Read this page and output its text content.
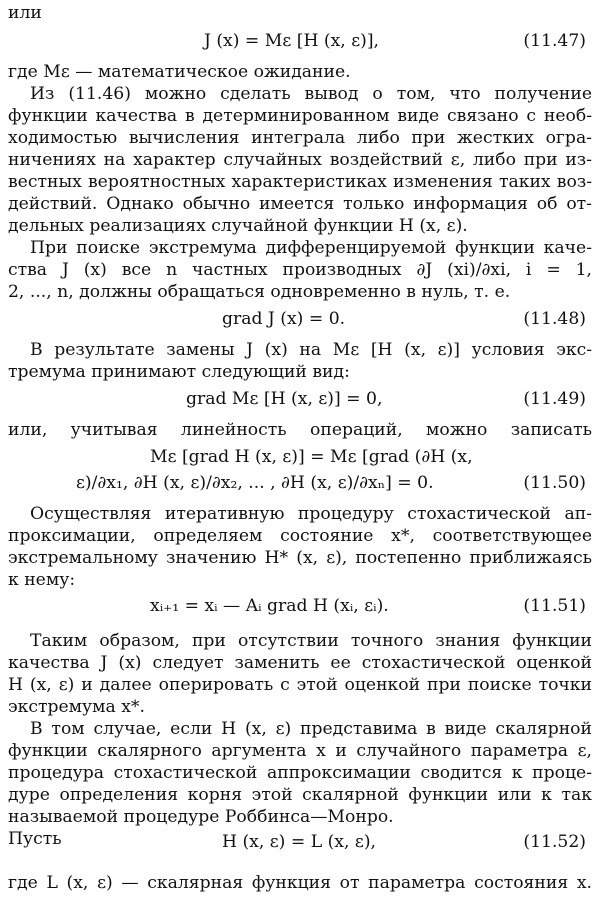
или
J (x) = Mε [H (x, ε)],	(11.47)
где Mε — математическое ожидание.
Из (11.46) можно сделать вывод о том, что получение
функции качества в детерминированном виде связано с необ-
ходимостью вычисления интеграла либо при жестких огра-
ничениях на характер случайных воздействий ε, либо при из-
вестных вероятностных характеристиках изменения таких воз-
действий. Однако обычно имеется только информация об от-
дельных реализациях случайной функции H (x, ε).
При поиске экстремума дифференцируемой функции каче-
ства J (x) все n частных производных ∂J (xi)/∂xi, i = 1,
2, ..., n, должны обращаться одновременно в нуль, т. е.
grad J (x) = 0.	(11.48)
В результате замены J (x) на Mε [H (x, ε)] условия экс-
тремума принимают следующий вид:
grad Mε [H (x, ε)] = 0,	(11.49)
или, учитывая линейность операций, можно записать
Mε [grad H (x, ε)] = Mε [grad (∂H (x,
ε)/∂x₁, ∂H (x, ε)/∂x₂, ... , ∂H (x, ε)/∂xₙ] = 0.	(11.50)
Осуществляя итеративную процедуру стохастической ап-
проксимации, определяем состояние x*, соответствующее
экстремальному значению H* (x, ε), постепенно приближаясь
к нему:
xᵢ₊₁ = xᵢ — Aᵢ grad H (xᵢ, εᵢ).	(11.51)
Таким образом, при отсутствии точного знания функции
качества J (x) следует заменить ее стохастической оценкой
H (x, ε) и далее оперировать с этой оценкой при поиске точки
экстремума x*.
В том случае, если H (x, ε) представима в виде скалярной
функции скалярного аргумента x и случайного параметра ε,
процедура стохастической аппроксимации сводится к проце-
дуре определения корня этой скалярной функции или к так
называемой процедуре Роббинса—Монро.
Пусть	H (x, ε) = L (x, ε),	(11.52)
где L (x, ε) — скалярная функция от параметра состояния x.
